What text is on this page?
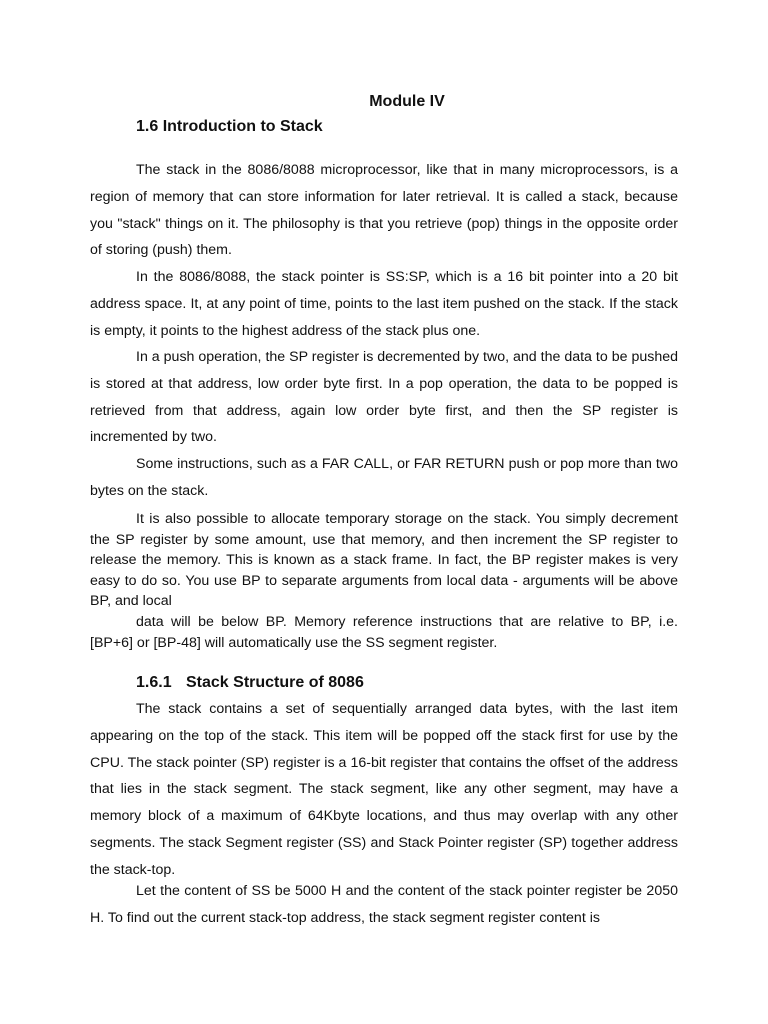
Module IV
1.6 Introduction to Stack

The stack in the 8086/8088 microprocessor, like that in many microprocessors, is a region of memory that can store information for later retrieval. It is called a stack, because you "stack" things on it. The philosophy is that you retrieve (pop) things in the opposite order of storing (push) them.

In the 8086/8088, the stack pointer is SS:SP, which is a 16 bit pointer into a 20 bit address space. It, at any point of time, points to the last item pushed on the stack. If the stack is empty, it points to the highest address of the stack plus one.

In a push operation, the SP register is decremented by two, and the data to be pushed is stored at that address, low order byte first. In a pop operation, the data to be popped is retrieved from that address, again low order byte first, and then the SP register is incremented by two.

Some instructions, such as a FAR CALL, or FAR RETURN push or pop more than two bytes on the stack.

It is also possible to allocate temporary storage on the stack. You simply decrement the SP register by some amount, use that memory, and then increment the SP register to release the memory. This is known as a stack frame. In fact, the BP register makes is very easy to do so. You use BP to separate arguments from local data - arguments will be above BP, and local

data will be below BP. Memory reference instructions that are relative to BP, i.e. [BP+6] or [BP-48] will automatically use the SS segment register.

1.6.1 Stack Structure of 8086

The stack contains a set of sequentially arranged data bytes, with the last item appearing on the top of the stack. This item will be popped off the stack first for use by the CPU. The stack pointer (SP) register is a 16-bit register that contains the offset of the address that lies in the stack segment. The stack segment, like any other segment, may have a memory block of a maximum of 64Kbyte locations, and thus may overlap with any other segments. The stack Segment register (SS) and Stack Pointer register (SP) together address the stack-top.

Let the content of SS be 5000 H and the content of the stack pointer register be 2050 H. To find out the current stack-top address, the stack segment register content is
